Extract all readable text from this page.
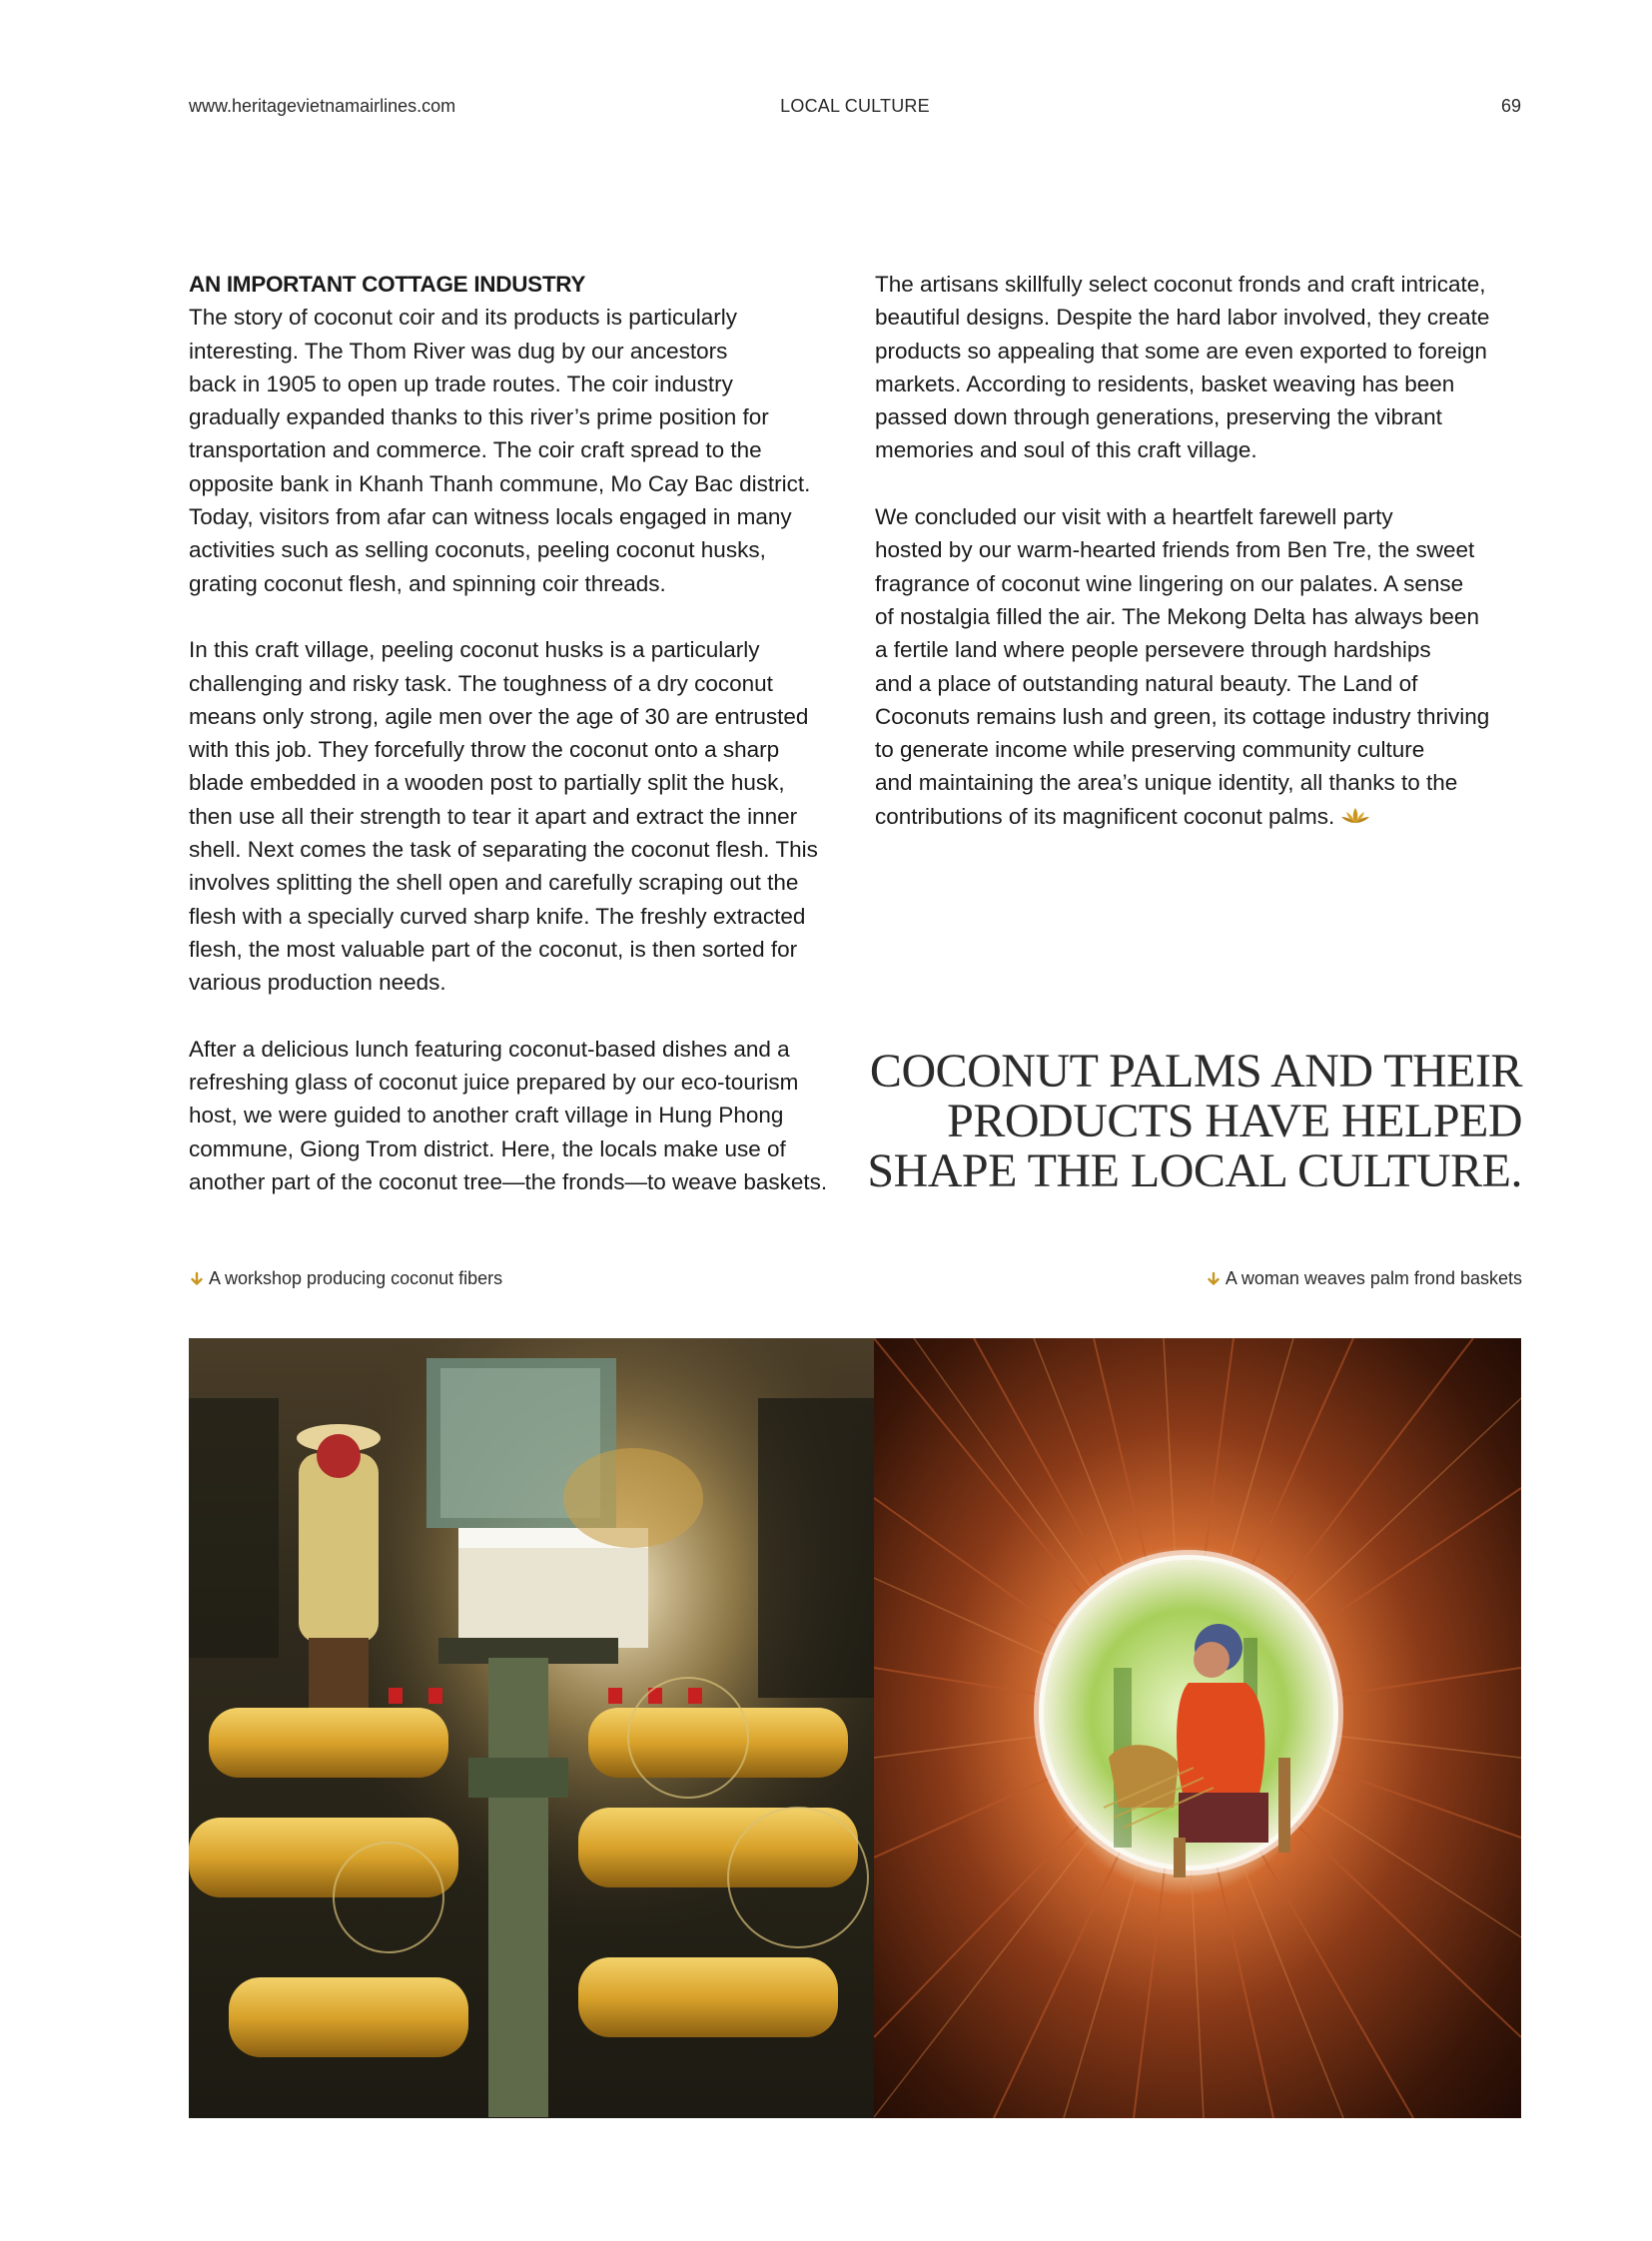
www.heritagevietnamairlines.com	LOCAL CULTURE	69
AN IMPORTANT COTTAGE INDUSTRY

The story of coconut coir and its products is particularly
interesting. The Thom River was dug by our ancestors
back in 1905 to open up trade routes. The coir industry
gradually expanded thanks to this river’s prime position for
transportation and commerce. The coir craft spread to the
opposite bank in Khanh Thanh commune, Mo Cay Bac district.
Today, visitors from afar can witness locals engaged in many
activities such as selling coconuts, peeling coconut husks,
grating coconut flesh, and spinning coir threads.

In this craft village, peeling coconut husks is a particularly
challenging and risky task. The toughness of a dry coconut
means only strong, agile men over the age of 30 are entrusted
with this job. They forcefully throw the coconut onto a sharp
blade embedded in a wooden post to partially split the husk,
then use all their strength to tear it apart and extract the inner
shell. Next comes the task of separating the coconut flesh. This
involves splitting the shell open and carefully scraping out the
flesh with a specially curved sharp knife. The freshly extracted
flesh, the most valuable part of the coconut, is then sorted for
various production needs.

After a delicious lunch featuring coconut-based dishes and a
refreshing glass of coconut juice prepared by our eco-tourism
host, we were guided to another craft village in Hung Phong
commune, Giong Trom district. Here, the locals make use of
another part of the coconut tree—the fronds—to weave baskets.

The artisans skillfully select coconut fronds and craft intricate,
beautiful designs. Despite the hard labor involved, they create
products so appealing that some are even exported to foreign
markets. According to residents, basket weaving has been
passed down through generations, preserving the vibrant
memories and soul of this craft village.

We concluded our visit with a heartfelt farewell party
hosted by our warm-hearted friends from Ben Tre, the sweet
fragrance of coconut wine lingering on our palates. A sense
of nostalgia filled the air. The Mekong Delta has always been
a fertile land where people persevere through hardships
and a place of outstanding natural beauty. The Land of
Coconuts remains lush and green, its cottage industry thriving
to generate income while preserving community culture
and maintaining the area’s unique identity, all thanks to the
contributions of its magnificent coconut palms.

COCONUT PALMS AND THEIR
PRODUCTS HAVE HELPED
SHAPE THE LOCAL CULTURE.
A workshop producing coconut fibers	A woman weaves palm frond baskets
